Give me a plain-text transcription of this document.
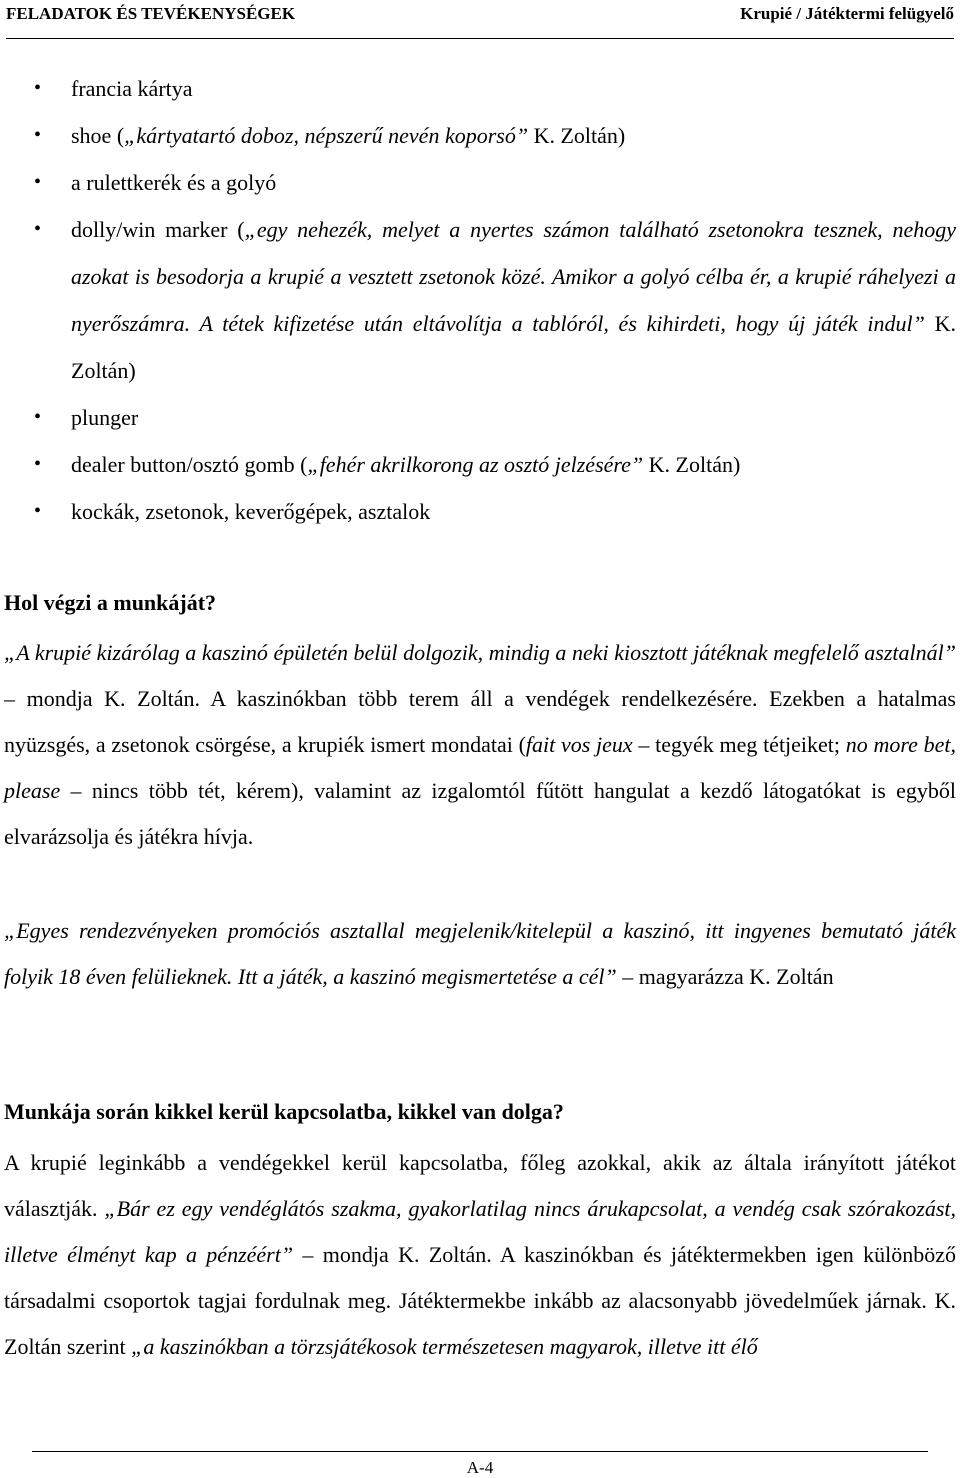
FELADATOK ÉS TEVÉKENYSÉGEK	Krupié / Játéktermi felügyelő
• francia kártya
• shoe („kártyatartó doboz, népszerű nevén koporsó” K. Zoltán)
• a rulettkerék és a golyó
• dolly/win marker („egy nehezék, melyet a nyertes számon található zsetonokra tesznek, nehogy azokat is besodorja a krupié a vesztett zsetonok közé. Amikor a golyó célba ér, a krupié ráhelyezi a nyerőszámra. A tétek kifizetése után eltávolítja a tablóról, és kihirdeti, hogy új játék indul” K. Zoltán)
• plunger
• dealer button/osztó gomb („fehér akrilkorong az osztó jelzésére” K. Zoltán)
• kockák, zsetonok, keverőgépek, asztalok
Hol végzi a munkáját?

„A krupié kizárólag a kaszinó épületén belül dolgozik, mindig a neki kiosztott játéknak megfelelő asztalnál” – mondja K. Zoltán. A kaszinókban több terem áll a vendégek rendelkezésére. Ezekben a hatalmas nyüzsgés, a zsetonok csörgése, a krupiék ismert mondatai (fait vos jeux – tegyék meg tétjeiket; no more bet, please – nincs több tét, kérem), valamint az izgalomtól fűtött hangulat a kezdő látogatókat is egyből elvarázsolja és játékra hívja.

„Egyes rendezvényeken promóciós asztallal megjelenik/kitelepül a kaszinó, itt ingyenes bemutató játék folyik 18 éven felülieknek. Itt a játék, a kaszinó megismertetése a cél” – magyarázza K. Zoltán

Munkája során kikkel kerül kapcsolatba, kikkel van dolga?

A krupié leginkább a vendégekkel kerül kapcsolatba, főleg azokkal, akik az általa irányított játékot választják. „Bár ez egy vendéglátós szakma, gyakorlatilag nincs árukapcsolat, a vendég csak szórakozást, illetve élményt kap a pénzéért” – mondja K. Zoltán. A kaszinókban és játéktermekben igen különböző társadalmi csoportok tagjai fordulnak meg. Játéktermekbe inkább az alacsonyabb jövedelműek járnak. K. Zoltán szerint „a kaszinókban a törzsjátékosok természetesen magyarok, illetve itt élő

A-4
